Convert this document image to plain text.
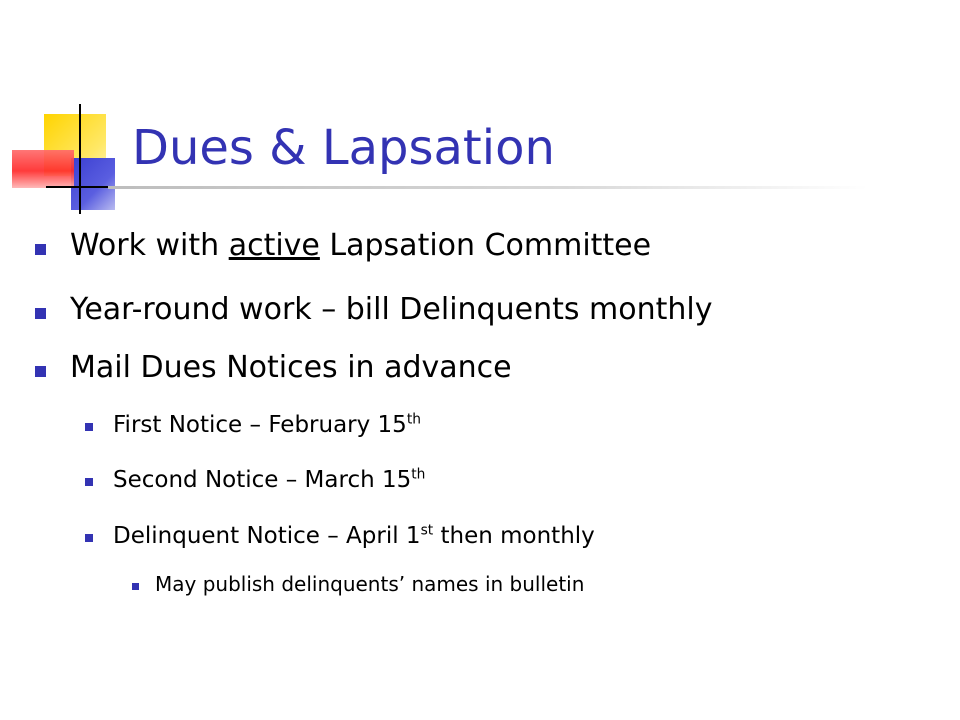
Dues & Lapsation
Work with active Lapsation Committee
Year-round work – bill Delinquents monthly
Mail Dues Notices in advance
First Notice – February 15th
Second Notice – March 15th
Delinquent Notice – April 1st then monthly
May publish delinquents’ names in bulletin
